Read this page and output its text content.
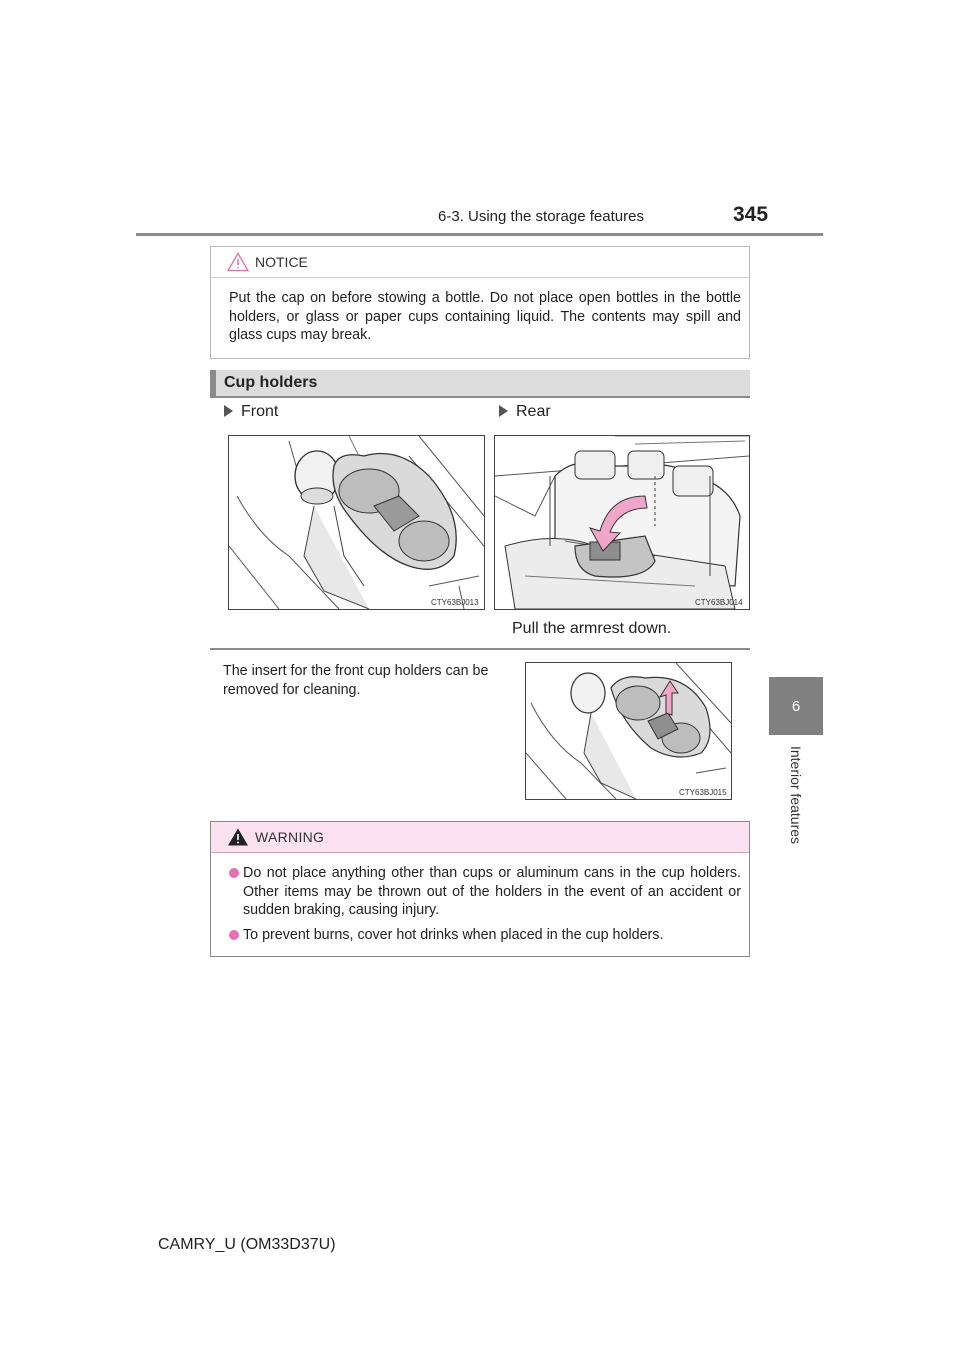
6-3. Using the storage features	345
6
Interior features
NOTICE
Put the cap on before stowing a bottle. Do not place open bottles in the bottle holders, or glass or paper cups containing liquid. The contents may spill and glass cups may break.
Cup holders
Front	Rear
CTY63BJ013	CTY63BJ014
Pull the armrest down.
The insert for the front cup holders can be removed for cleaning.
CTY63BJ015
WARNING
Do not place anything other than cups or aluminum cans in the cup holders. Other items may be thrown out of the holders in the event of an accident or sudden braking, causing injury.
To prevent burns, cover hot drinks when placed in the cup holders.
CAMRY_U (OM33D37U)
